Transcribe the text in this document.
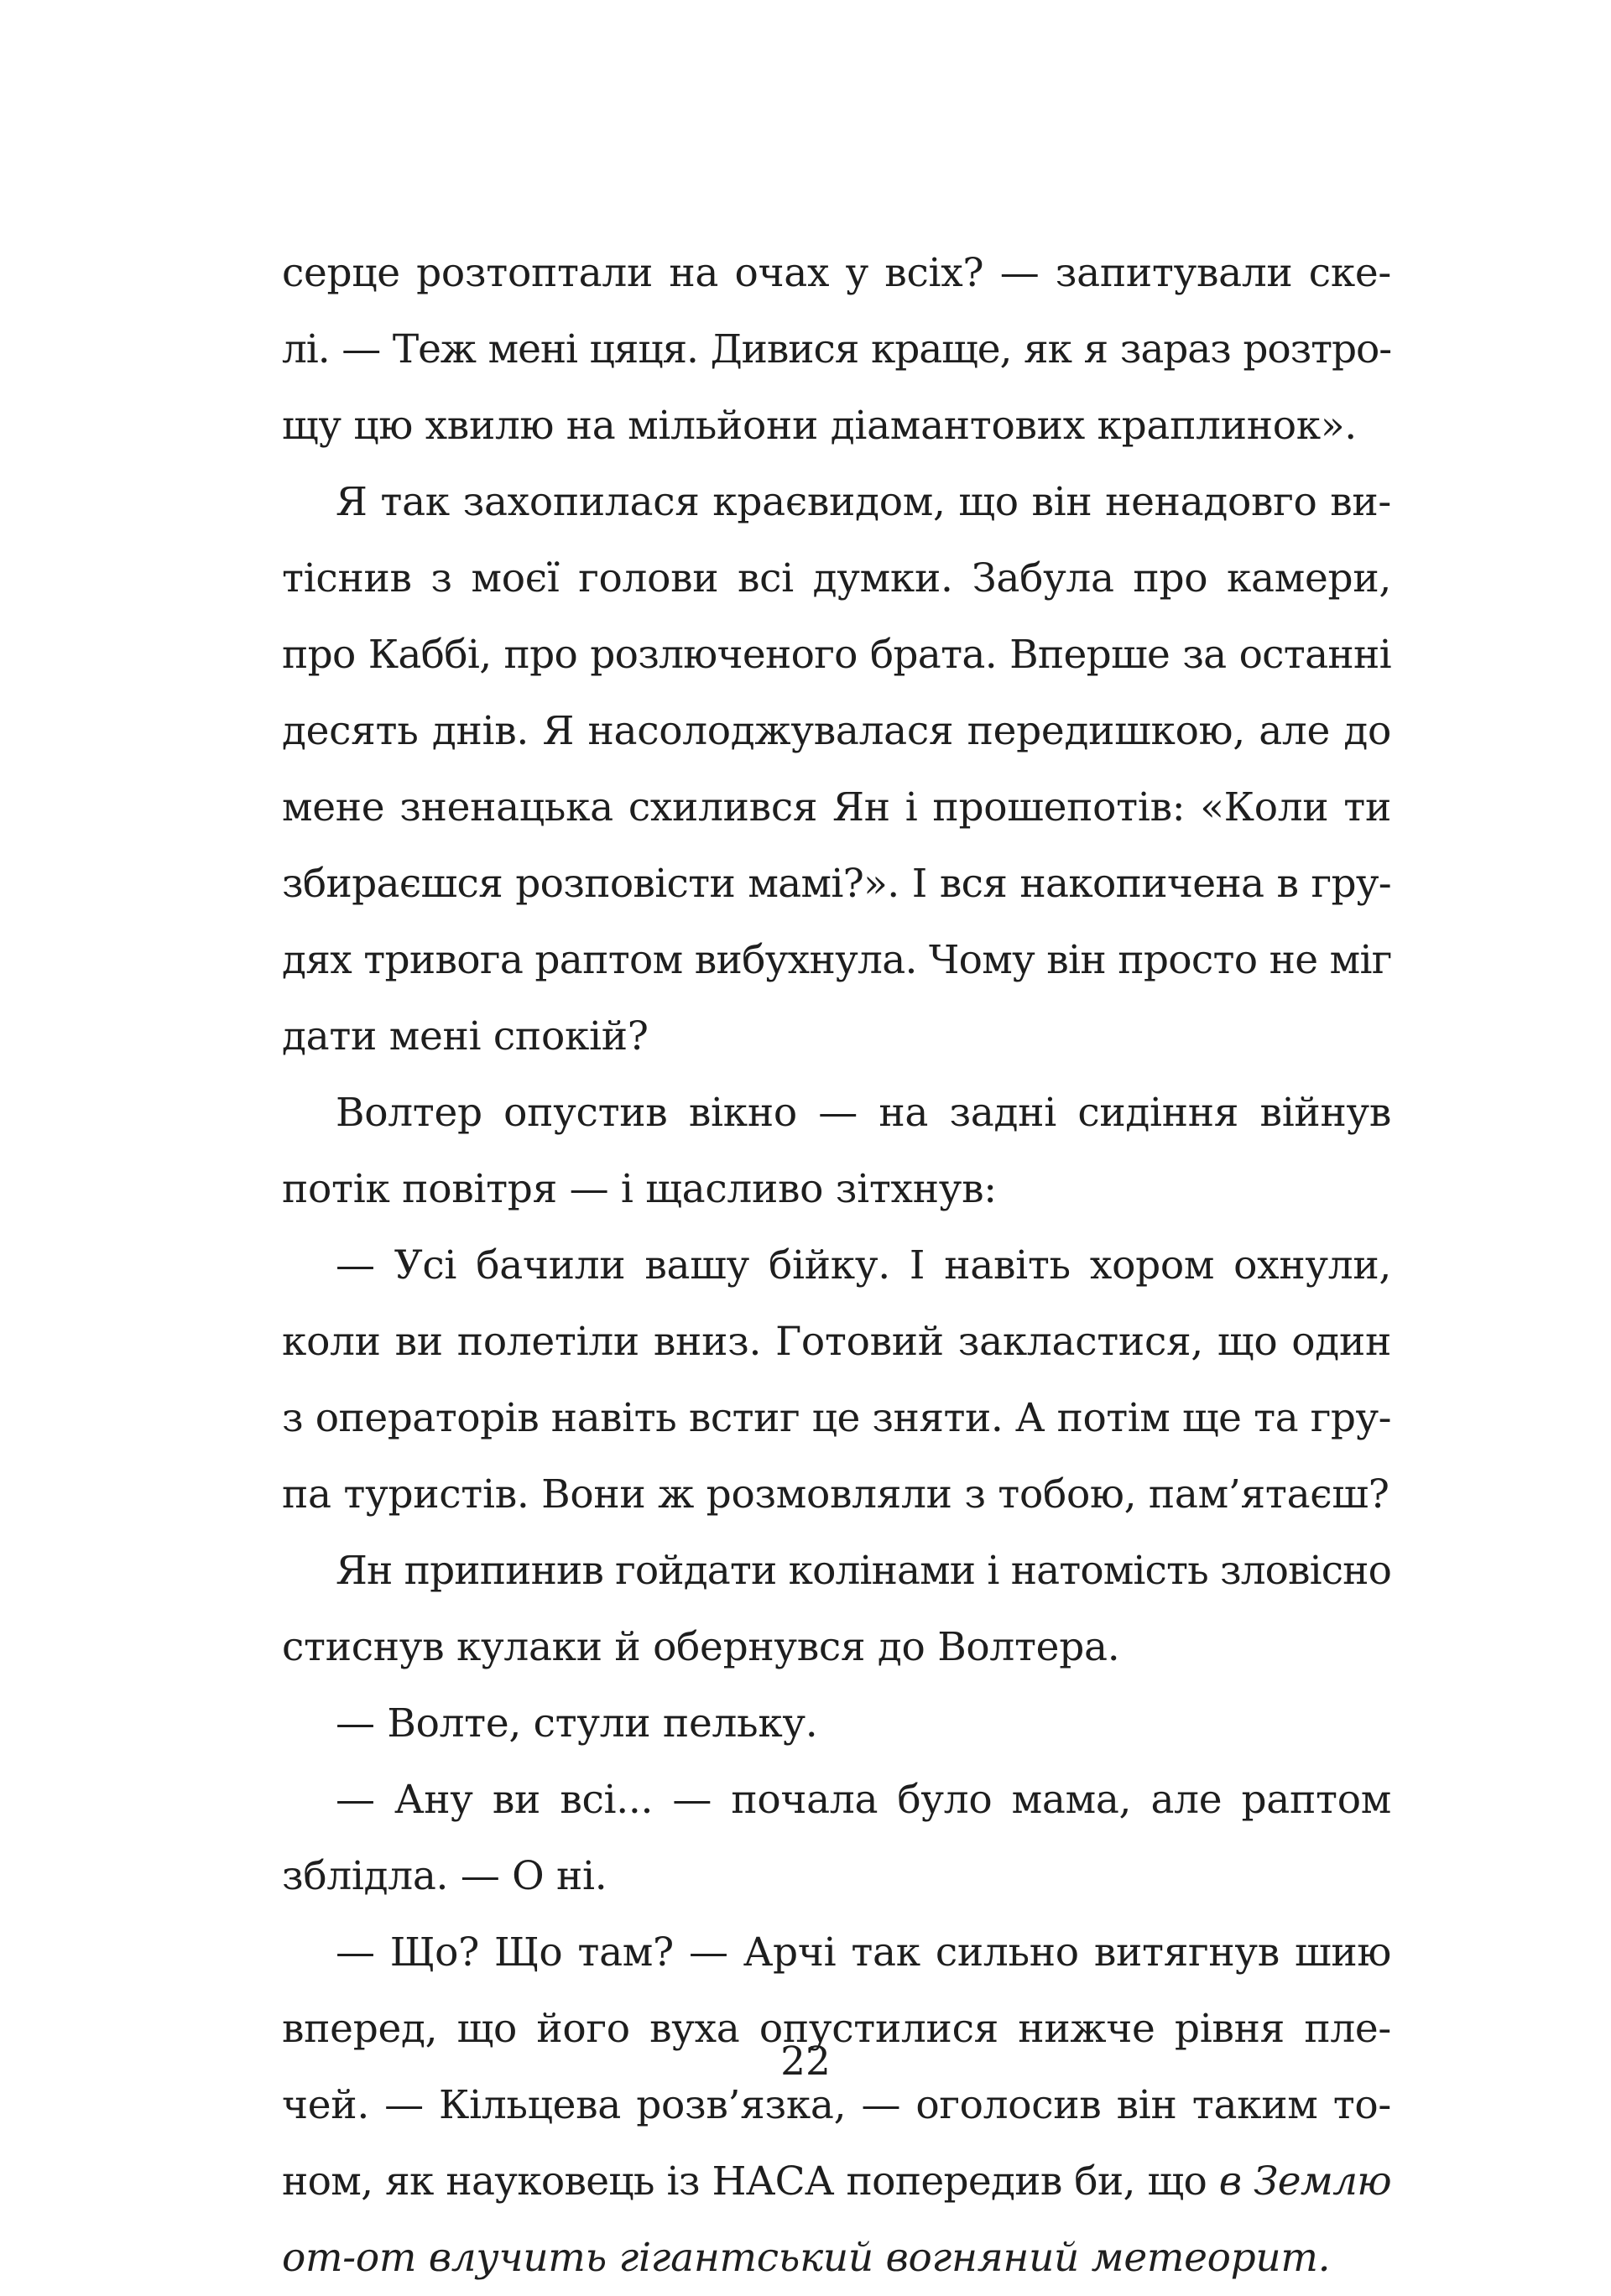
серце розтоптали на очах у всіх? — запитували ске-
лі. — Теж мені цяця. Дивися краще, як я зараз розтро-
щу цю хвилю на мільйони діамантових краплинок».
Я так захопилася краєвидом, що він ненадовго ви-
тіснив з моєї голови всі думки. Забула про камери,
про Каббі, про розлюченого брата. Вперше за останні
десять днів. Я насолоджувалася передишкою, але до
мене зненацька схилився Ян і прошепотів: «Коли ти
збираєшся розповісти мамі?». І вся накопичена в гру-
дях тривога раптом вибухнула. Чому він просто не міг
дати мені спокій?
Волтер опустив вікно — на задні сидіння війнув
потік повітря — і щасливо зітхнув:
— Усі бачили вашу бійку. І навіть хором охнули,
коли ви полетіли вниз. Готовий закластися, що один
з операторів навіть встиг це зняти. А потім ще та гру-
па туристів. Вони ж розмовляли з тобою, пам’ятаєш?
Ян припинив гойдати колінами і натомість зловісно
стиснув кулаки й обернувся до Волтера.
— Волте, стули пельку.
— Ану ви всі... — почала було мама, але раптом
зблідла. — О ні.
— Що? Що там? — Арчі так сильно витягнув шию
вперед, що його вуха опустилися нижче рівня пле-
чей. — Кільцева розв’язка, — оголосив він таким то-
ном, як науковець із НАСА попередив би, що в Землю
от-от влучить гігантський вогняний метеорит.
22
